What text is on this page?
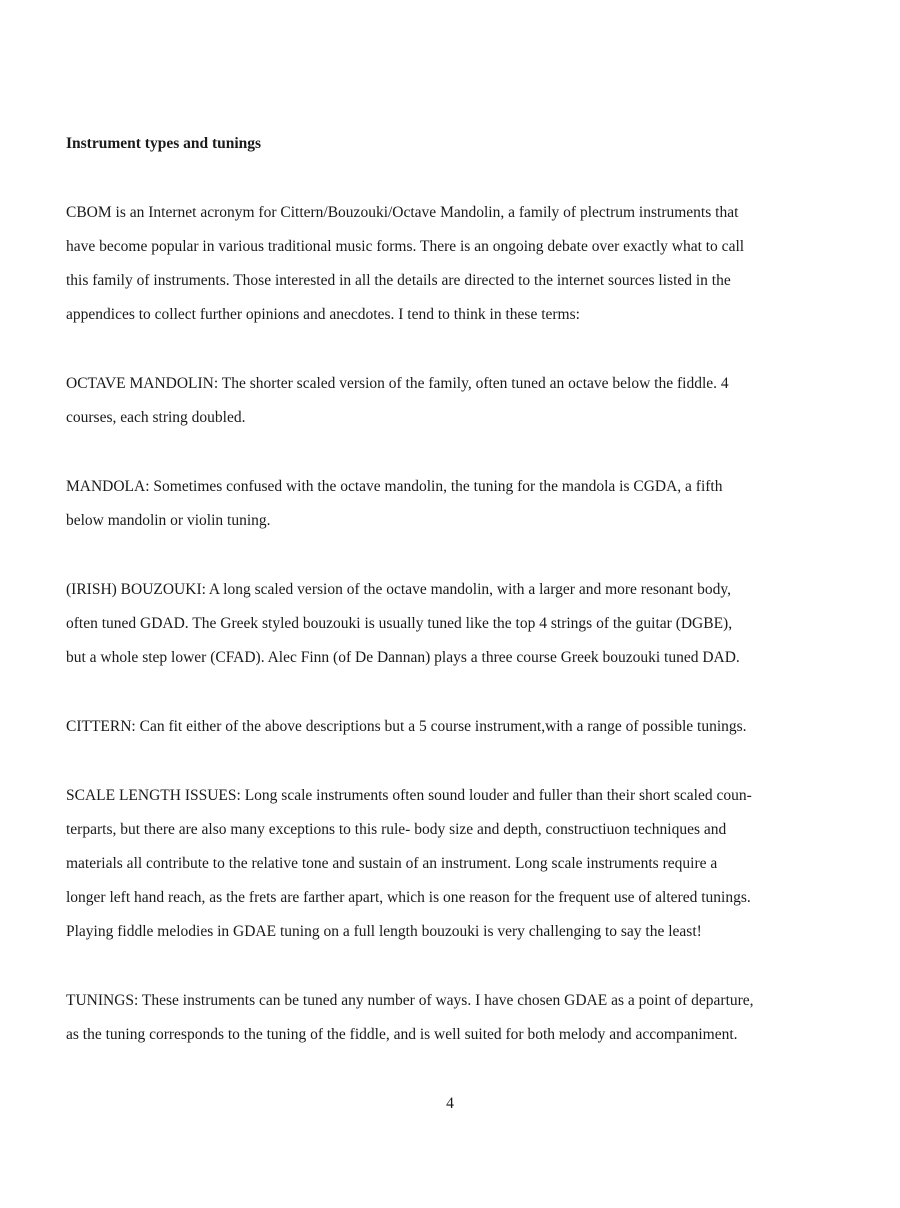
Instrument types and tunings

CBOM is an Internet acronym for Cittern/Bouzouki/Octave Mandolin, a family of plectrum instruments that

have become popular in various traditional music forms. There is an ongoing debate over exactly what to call

this family of instruments. Those interested in all the details are directed to the internet sources listed in the

appendices to collect further opinions and anecdotes. I tend to think in these terms:

OCTAVE MANDOLIN: The shorter scaled version of the family, often tuned an octave below the fiddle. 4

courses, each string doubled.

MANDOLA: Sometimes confused with the octave mandolin, the tuning for the mandola is CGDA, a fifth

below mandolin or violin tuning.

(IRISH) BOUZOUKI: A long scaled version of the octave mandolin, with a larger and more resonant body,

often tuned GDAD. The Greek styled bouzouki is usually tuned like the top 4 strings of the guitar (DGBE),

but a whole step lower (CFAD). Alec Finn (of De Dannan) plays a three course Greek bouzouki tuned DAD.

CITTERN: Can fit either of the above descriptions but a 5 course instrument,with a range of possible tunings.

SCALE LENGTH ISSUES: Long scale instruments often sound louder and fuller than their short scaled coun-

terparts, but there are also many exceptions to this rule- body size and depth, constructiuon techniques and

materials all contribute to the relative tone and sustain of an instrument. Long scale instruments require a

longer left hand reach, as the frets are farther apart, which is one reason for the frequent use of altered tunings.

Playing fiddle melodies in GDAE tuning on a full length bouzouki is very challenging to say the least!

TUNINGS: These instruments can be tuned any number of ways. I have chosen GDAE as a point of departure,

as the tuning corresponds to the tuning of the fiddle, and is well suited for both melody and accompaniment.

4
